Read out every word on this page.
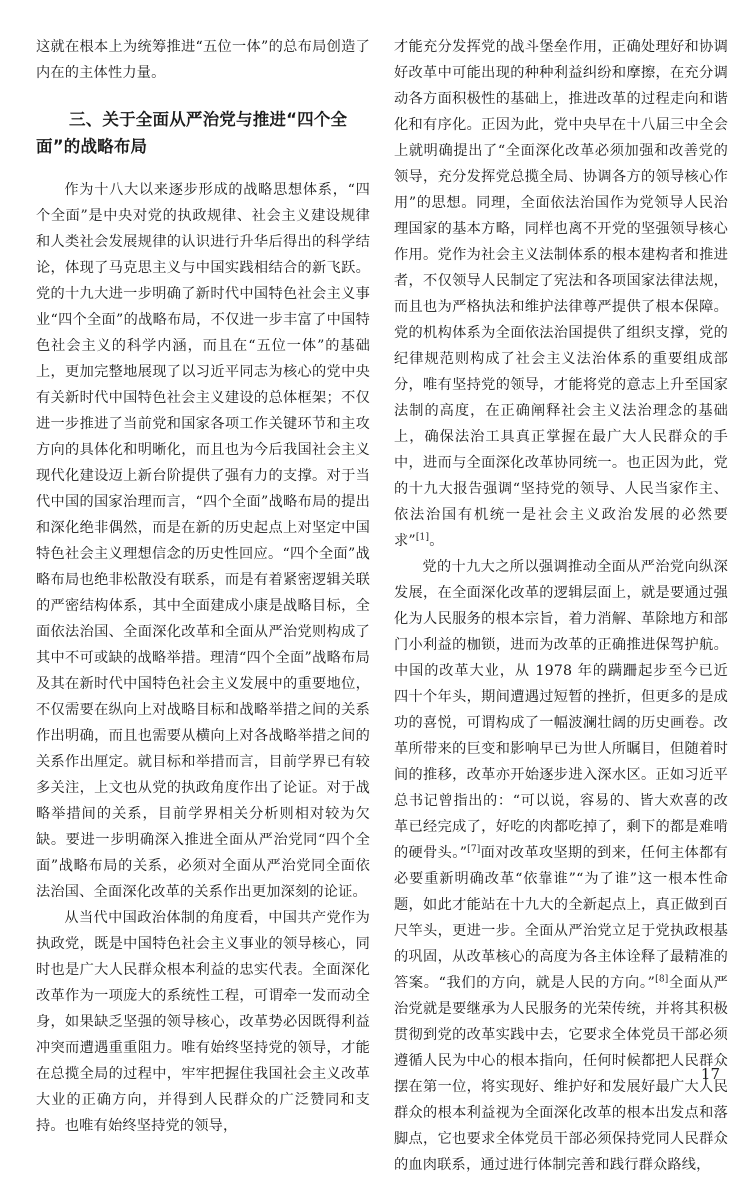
这就在根本上为统筹推进“五位一体”的总布局创造了内在的主体性力量。

三、关于全面从严治党与推进“四个全面”的战略布局

作为十八大以来逐步形成的战略思想体系，“四个全面”是中央对党的执政规律、社会主义建设规律和人类社会发展规律的认识进行升华后得出的科学结论，体现了马克思主义与中国实践相结合的新飞跃。党的十九大进一步明确了新时代中国特色社会主义事业“四个全面”的战略布局，不仅进一步丰富了中国特色社会主义的科学内涵，而且在“五位一体”的基础上，更加完整地展现了以习近平同志为核心的党中央有关新时代中国特色社会主义建设的总体框架；不仅进一步推进了当前党和国家各项工作关键环节和主攻方向的具体化和明晰化，而且也为今后我国社会主义现代化建设迈上新台阶提供了强有力的支撑。对于当代中国的国家治理而言，“四个全面”战略布局的提出和深化绝非偶然，而是在新的历史起点上对坚定中国特色社会主义理想信念的历史性回应。“四个全面”战略布局也绝非松散没有联系，而是有着紧密逻辑关联的严密结构体系，其中全面建成小康是战略目标，全面依法治国、全面深化改革和全面从严治党则构成了其中不可或缺的战略举措。理清“四个全面”战略布局及其在新时代中国特色社会主义发展中的重要地位，不仅需要在纵向上对战略目标和战略举措之间的关系作出明确，而且也需要从横向上对各战略举措之间的关系作出厘定。就目标和举措而言，目前学界已有较多关注，上文也从党的执政角度作出了论证。对于战略举措间的关系，目前学界相关分析则相对较为欠缺。要进一步明确深入推进全面从严治党同“四个全面”战略布局的关系，必须对全面从严治党同全面依法治国、全面深化改革的关系作出更加深刻的论证。

从当代中国政治体制的角度看，中国共产党作为执政党，既是中国特色社会主义事业的领导核心，同时也是广大人民群众根本利益的忠实代表。全面深化改革作为一项庞大的系统性工程，可谓牵一发而动全身，如果缺乏坚强的领导核心，改革势必因既得利益冲突而遭遇重重阻力。唯有始终坚持党的领导，才能在总揽全局的过程中，牢牢把握住我国社会主义改革大业的正确方向，并得到人民群众的广泛赞同和支持。也唯有始终坚持党的领导，

才能充分发挥党的战斗堡垒作用，正确处理好和协调好改革中可能出现的种种利益纠纷和摩擦，在充分调动各方面积极性的基础上，推进改革的过程走向和谐化和有序化。正因为此，党中央早在十八届三中全会上就明确提出了“全面深化改革必须加强和改善党的领导，充分发挥党总揽全局、协调各方的领导核心作用”的思想。同理，全面依法治国作为党领导人民治理国家的基本方略，同样也离不开党的坚强领导核心作用。党作为社会主义法制体系的根本建构者和推进者，不仅领导人民制定了宪法和各项国家法律法规，而且也为严格执法和维护法律尊严提供了根本保障。党的机构体系为全面依法治国提供了组织支撑，党的纪律规范则构成了社会主义法治体系的重要组成部分，唯有坚持党的领导，才能将党的意志上升至国家法制的高度，在正确阐释社会主义法治理念的基础上，确保法治工具真正掌握在最广大人民群众的手中，进而与全面深化改革协同统一。也正因为此，党的十九大报告强调“坚持党的领导、人民当家作主、依法治国有机统一是社会主义政治发展的必然要求”[1]。

党的十九大之所以强调推动全面从严治党向纵深发展，在全面深化改革的逻辑层面上，就是要通过强化为人民服务的根本宗旨，着力消解、革除地方和部门小利益的枷锁，进而为改革的正确推进保驾护航。中国的改革大业，从 1978 年的蹒跚起步至今已近四十个年头，期间遭遇过短暂的挫折，但更多的是成功的喜悦，可谓构成了一幅波澜壮阔的历史画卷。改革所带来的巨变和影响早已为世人所瞩目，但随着时间的推移，改革亦开始逐步进入深水区。正如习近平总书记曾指出的：“可以说，容易的、皆大欢喜的改革已经完成了，好吃的肉都吃掉了，剩下的都是难啃的硬骨头。”[7]面对改革攻坚期的到来，任何主体都有必要重新明确改革“依靠谁”“为了谁”这一根本性命题，如此才能站在十九大的全新起点上，真正做到百尺竿头，更进一步。全面从严治党立足于党执政根基的巩固，从改革核心的高度为各主体诠释了最精准的答案。“我们的方向，就是人民的方向。”[8]全面从严治党就是要继承为人民服务的光荣传统，并将其积极贯彻到党的改革实践中去，它要求全体党员干部必须遵循人民为中心的根本指向，任何时候都把人民群众摆在第一位，将实现好、维护好和发展好最广大人民群众的根本利益视为全面深化改革的根本出发点和落脚点，它也要求全体党员干部必须保持党同人民群众的血肉联系，通过进行体制完善和践行群众路线，

17
